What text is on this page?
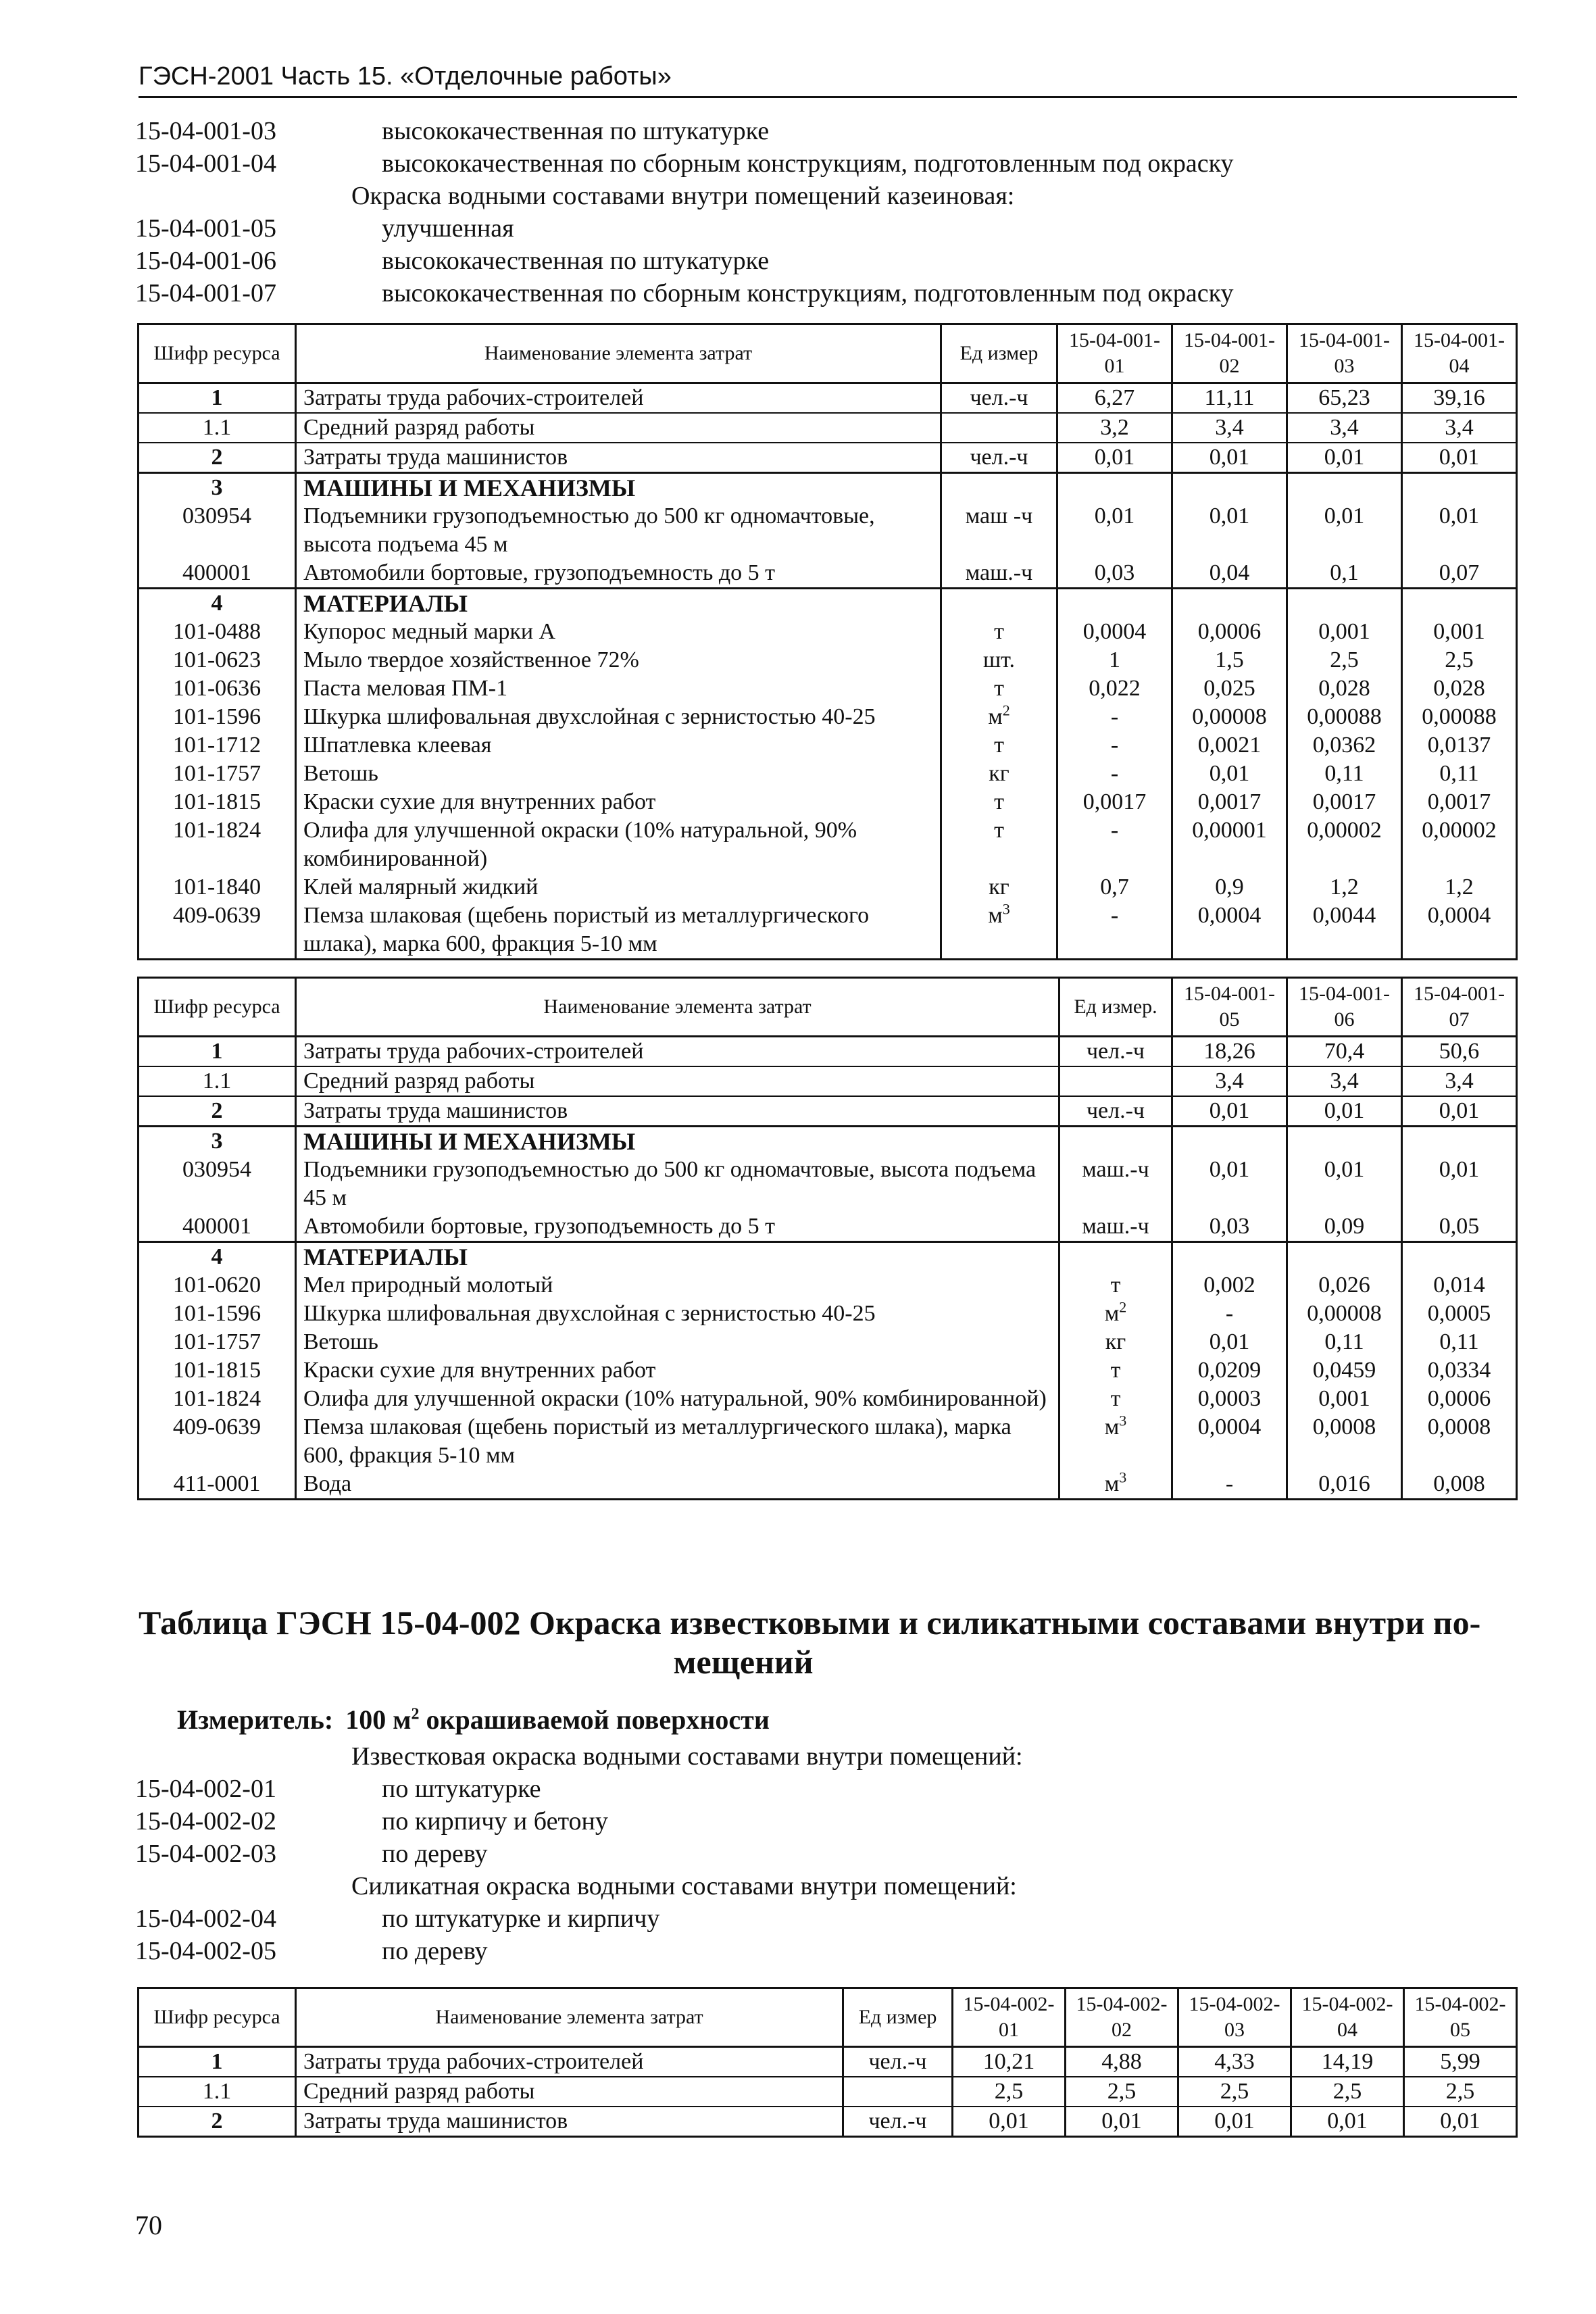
ГЭСН-2001 Часть 15. «Отделочные работы»
15-04-001-03	высококачественная по штукатурке
15-04-001-04	высококачественная по сборным конструкциям, подготовленным под окраску
Окраска водными составами внутри помещений казеиновая:
15-04-001-05	улучшенная
15-04-001-06	высококачественная по штукатурке
15-04-001-07	высококачественная по сборным конструкциям, подготовленным под окраску
Шифр ресурса	Наименование элемента затрат	Ед измер	15-04-001-01	15-04-001-02	15-04-001-03	15-04-001-04
1	Затраты труда рабочих-строителей	чел.-ч	6,27	11,11	65,23	39,16
1.1	Средний разряд работы		3,2	3,4	3,4	3,4
2	Затраты труда машинистов	чел.-ч	0,01	0,01	0,01	0,01
3	МАШИНЫ И МЕХАНИЗМЫ					
030954	Подъемники грузоподъемностью до 500 кг одномачтовые, высота подъема 45 м	маш -ч	0,01	0,01	0,01	0,01
400001	Автомобили бортовые, грузоподъемность до 5 т	маш.-ч	0,03	0,04	0,1	0,07
4	МАТЕРИАЛЫ					
101-0488	Купорос медный марки А	т	0,0004	0,0006	0,001	0,001
101-0623	Мыло твердое хозяйственное 72%	шт.	1	1,5	2,5	2,5
101-0636	Паста меловая ПМ-1	т	0,022	0,025	0,028	0,028
101-1596	Шкурка шлифовальная двухслойная с зернистостью 40-25	$м^2$	-	0,00008	0,00088	0,00088
101-1712	Шпатлевка клеевая	т	-	0,0021	0,0362	0,0137
101-1757	Ветошь	кг	-	0,01	0,11	0,11
101-1815	Краски сухие для внутренних работ	т	0,0017	0,0017	0,0017	0,0017
101-1824	Олифа для улучшенной окраски (10% натуральной, 90% комбинированной)	т	-	0,00001	0,00002	0,00002
101-1840	Клей малярный жидкий	кг	0,7	0,9	1,2	1,2
409-0639	Пемза шлаковая (щебень пористый из металлургического шлака), марка 600, фракция 5-10 мм	$м^3$	-	0,0004	0,0044	0,0004
Шифр ресурса	Наименование элемента затрат	Ед измер.	15-04-001-05	15-04-001-06	15-04-001-07
1	Затраты труда рабочих-строителей	чел.-ч	18,26	70,4	50,6
1.1	Средний разряд работы		3,4	3,4	3,4
2	Затраты труда машинистов	чел.-ч	0,01	0,01	0,01
3	МАШИНЫ И МЕХАНИЗМЫ				
030954	Подъемники грузоподъемностью до 500 кг одномачтовые, высота подъема 45 м	маш.-ч	0,01	0,01	0,01
400001	Автомобили бортовые, грузоподъемность до 5 т	маш.-ч	0,03	0,09	0,05
4	МАТЕРИАЛЫ				
101-0620	Мел природный молотый	т	0,002	0,026	0,014
101-1596	Шкурка шлифовальная двухслойная с зернистостью 40-25	$м^2$	-	0,00008	0,0005
101-1757	Ветошь	кг	0,01	0,11	0,11
101-1815	Краски сухие для внутренних работ	т	0,0209	0,0459	0,0334
101-1824	Олифа для улучшенной окраски (10% натуральной, 90% комбинированной)	т	0,0003	0,001	0,0006
409-0639	Пемза шлаковая (щебень пористый из металлургического шлака), марка 600, фракция 5-10 мм	$м^3$	0,0004	0,0008	0,0008
411-0001	Вода	$м^3$	-	0,016	0,008
Таблица ГЭСН 15-04-002 Окраска известковыми и силикатными составами внутри по-
мещений
Измеритель: 100 $м^2$ окрашиваемой поверхности
Известковая окраска водными составами внутри помещений:
15-04-002-01	по штукатурке
15-04-002-02	по кирпичу и бетону
15-04-002-03	по дереву
Силикатная окраска водными составами внутри помещений:
15-04-002-04	по штукатурке и кирпичу
15-04-002-05	по дереву
Шифр ресурса	Наименование элемента затрат	Ед измер	15-04-002-01	15-04-002-02	15-04-002-03	15-04-002-04	15-04-002-05
1	Затраты труда рабочих-строителей	чел.-ч	10,21	4,88	4,33	14,19	5,99
1.1	Средний разряд работы		2,5	2,5	2,5	2,5	2,5
2	Затраты труда машинистов	чел.-ч	0,01	0,01	0,01	0,01	0,01
70
